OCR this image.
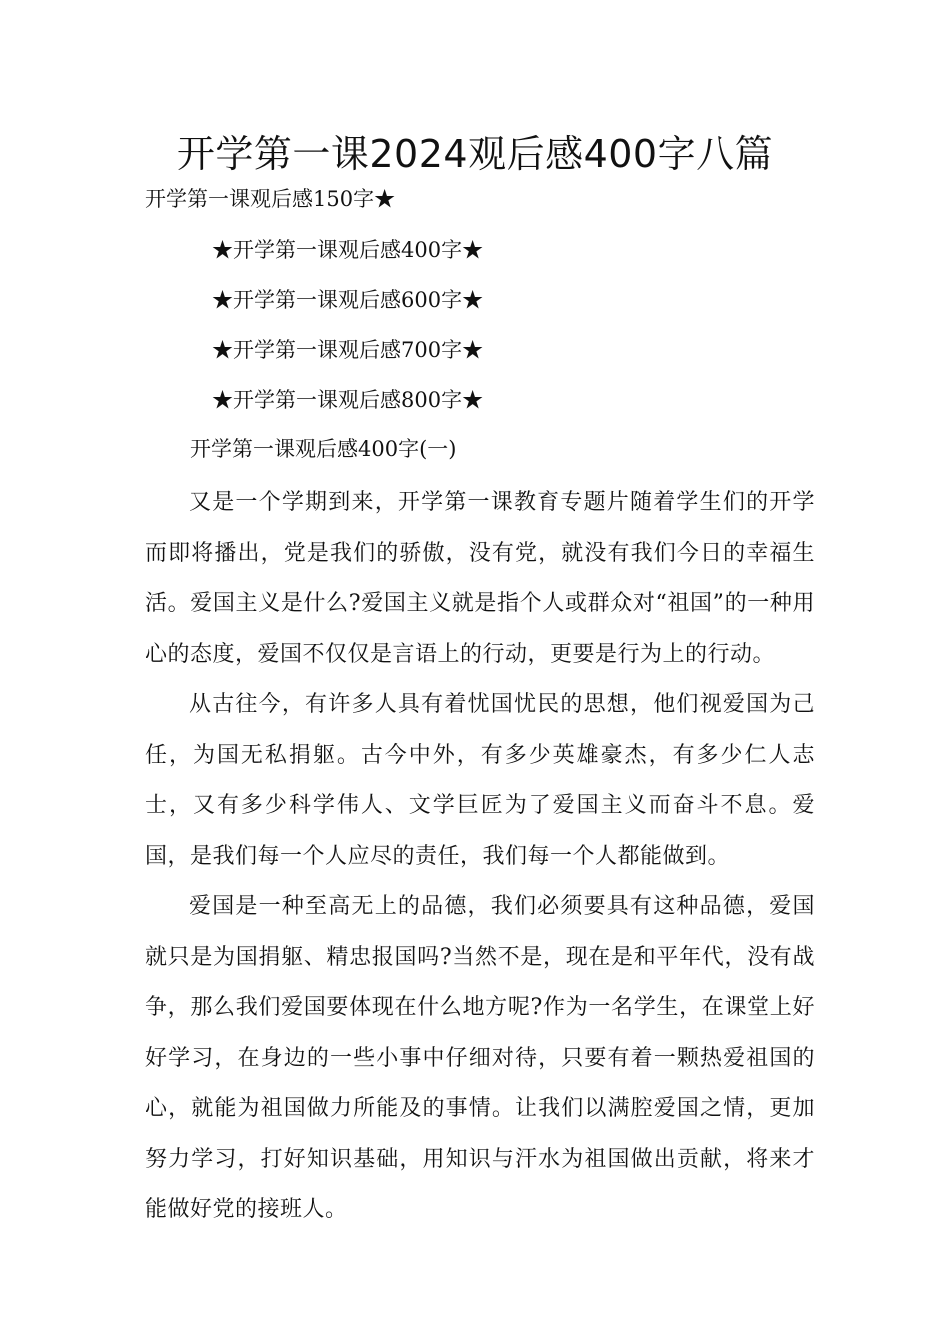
开学第一课2024观后感400字八篇
开学第一课观后感150字★
★开学第一课观后感400字★
★开学第一课观后感600字★
★开学第一课观后感700字★
★开学第一课观后感800字★
开学第一课观后感400字(一)

又是一个学期到来，开学第一课教育专题片随着学生们的开学而即将播出，党是我们的骄傲，没有党，就没有我们今日的幸福生活。爱国主义是什么?爱国主义就是指个人或群众对“祖国”的一种用心的态度，爱国不仅仅是言语上的行动，更要是行为上的行动。

从古往今，有许多人具有着忧国忧民的思想，他们视爱国为己任，为国无私捐躯。古今中外，有多少英雄豪杰，有多少仁人志士，又有多少科学伟人、文学巨匠为了爱国主义而奋斗不息。爱国，是我们每一个人应尽的责任，我们每一个人都能做到。

爱国是一种至高无上的品德，我们必须要具有这种品德，爱国就只是为国捐躯、精忠报国吗?当然不是，现在是和平年代，没有战争，那么我们爱国要体现在什么地方呢?作为一名学生，在课堂上好好学习，在身边的一些小事中仔细对待，只要有着一颗热爱祖国的心，就能为祖国做力所能及的事情。让我们以满腔爱国之情，更加努力学习，打好知识基础，用知识与汗水为祖国做出贡献，将来才能做好党的接班人。
